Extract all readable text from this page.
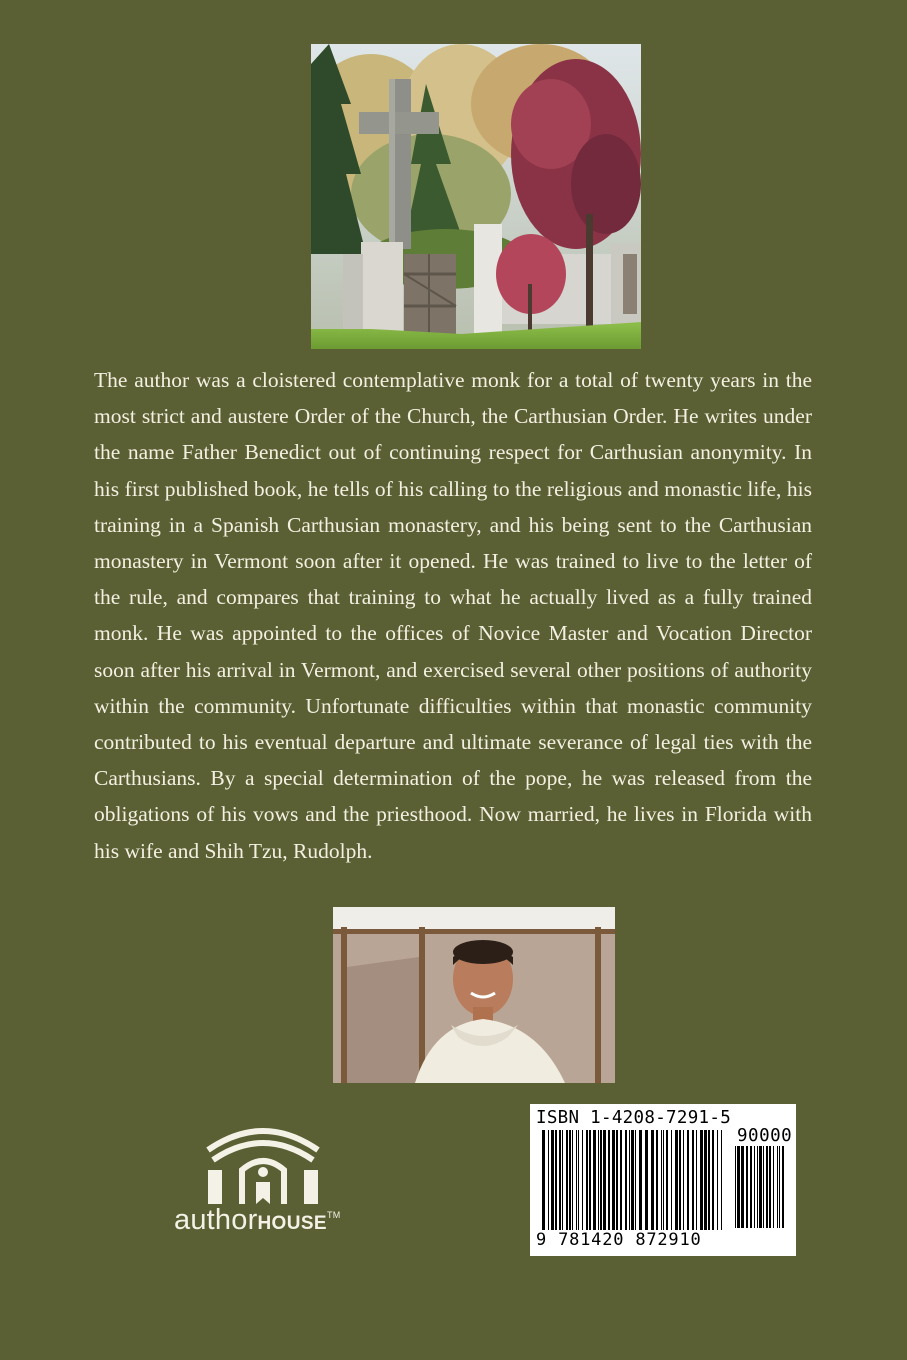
The author was a cloistered contemplative monk for a total of twenty years in the most strict and austere Order of the Church, the Carthusian Order. He writes under the name Father Benedict out of continuing respect for Carthusian anonymity. In his first published book, he tells of his calling to the religious and monastic life, his training in a Spanish Carthusian monastery, and his being sent to the Carthusian monastery in Vermont soon after it opened. He was trained to live to the letter of the rule, and compares that training to what he actually lived as a fully trained monk. He was appointed to the offices of Novice Master and Vocation Director soon after his arrival in Vermont, and exercised several other positions of authority within the community. Unfortunate difficulties within that monastic community contributed to his eventual departure and ultimate severance of legal ties with the Carthusians. By a special determination of the pope, he was released from the obligations of his vows and the priesthood. Now married, he lives in Florida with his wife and Shih Tzu, Rudolph.

authorHOUSE™
ISBN 1-4208-7291-5
90000
9 781420 872910
